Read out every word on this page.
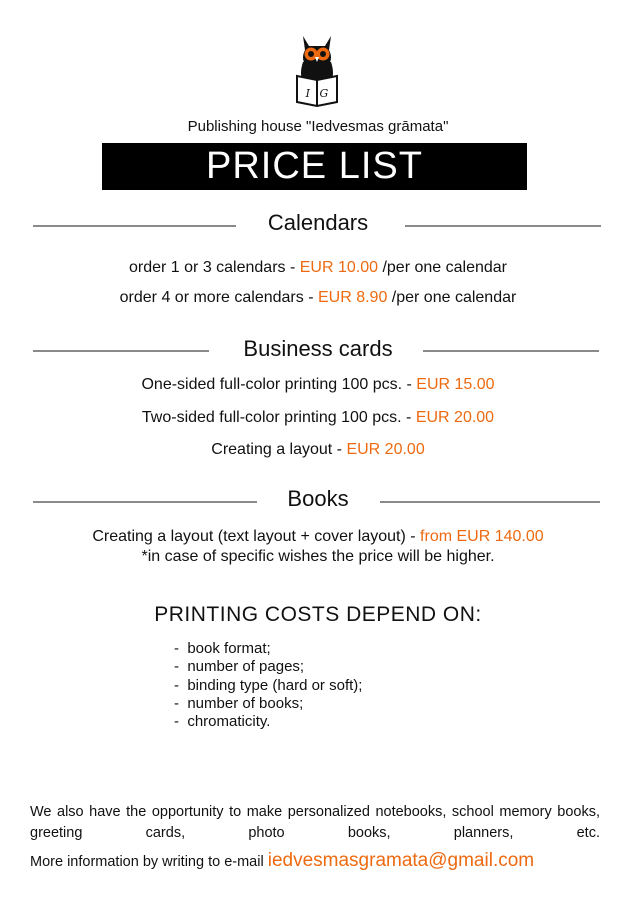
I G
Publishing house "Iedvesmas grāmata"
PRICE LIST
Calendars
order 1 or 3 calendars - EUR 10.00 /per one calendar
order 4 or more calendars - EUR 8.90 /per one calendar
Business cards
One-sided full-color printing 100 pcs. - EUR 15.00
Two-sided full-color printing 100 pcs. - EUR 20.00
Creating a layout - EUR 20.00
Books
Creating a layout (text layout + cover layout) - from EUR 140.00
*in case of specific wishes the price will be higher.
PRINTING COSTS DEPEND ON:
- book format;
- number of pages;
- binding type (hard or soft);
- number of books;
- chromaticity.
We also have the opportunity to make personalized notebooks, school memory books, greeting cards, photo books, planners, etc.
More information by writing to e-mail iedvesmasgramata@gmail.com
